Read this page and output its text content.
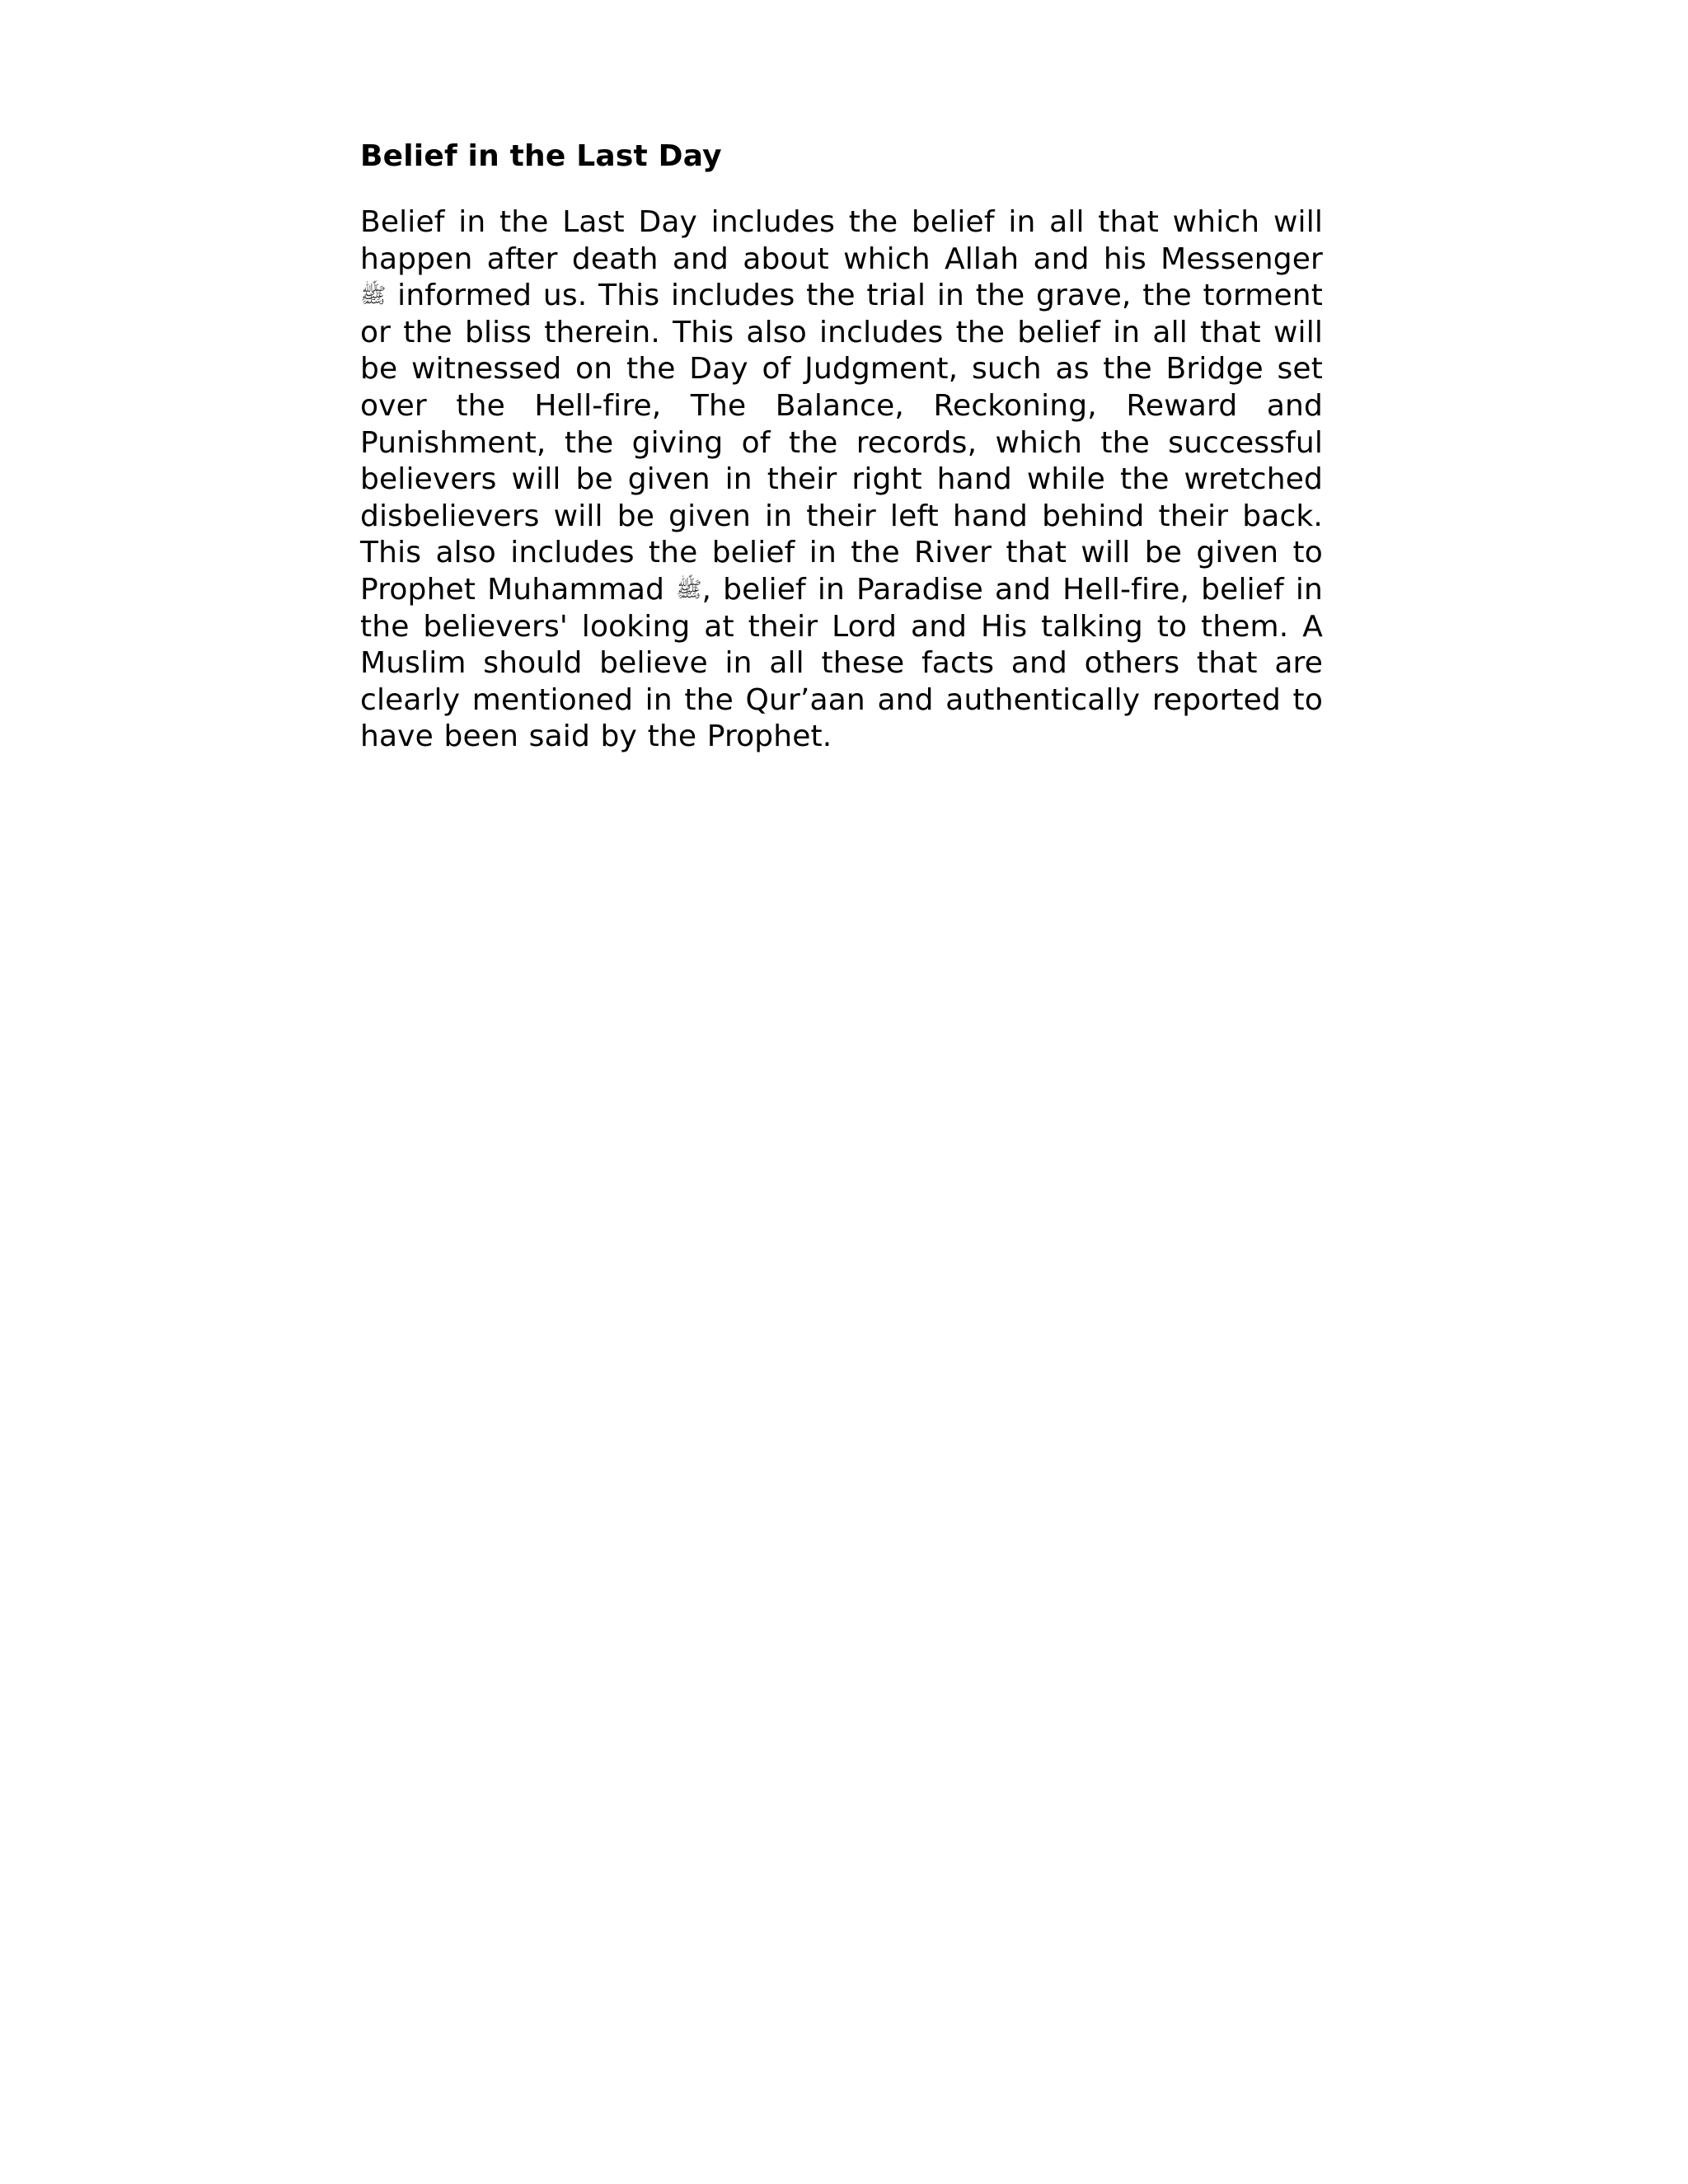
Belief in the Last Day

Belief in the Last Day includes the belief in all that which will happen after death and about which Allah and his Messenger ﷺ informed us. This includes the trial in the grave, the torment or the bliss therein. This also includes the belief in all that will be witnessed on the Day of Judgment, such as the Bridge set over the Hell-fire, The Balance, Reckoning, Reward and Punishment, the giving of the records, which the successful believers will be given in their right hand while the wretched disbelievers will be given in their left hand behind their back. This also includes the belief in the River that will be given to Prophet Muhammad ﷺ, belief in Paradise and Hell-fire, belief in the believers' looking at their Lord and His talking to them. A Muslim should believe in all these facts and others that are clearly mentioned in the Qur’aan and authentically reported to have been said by the Prophet.
